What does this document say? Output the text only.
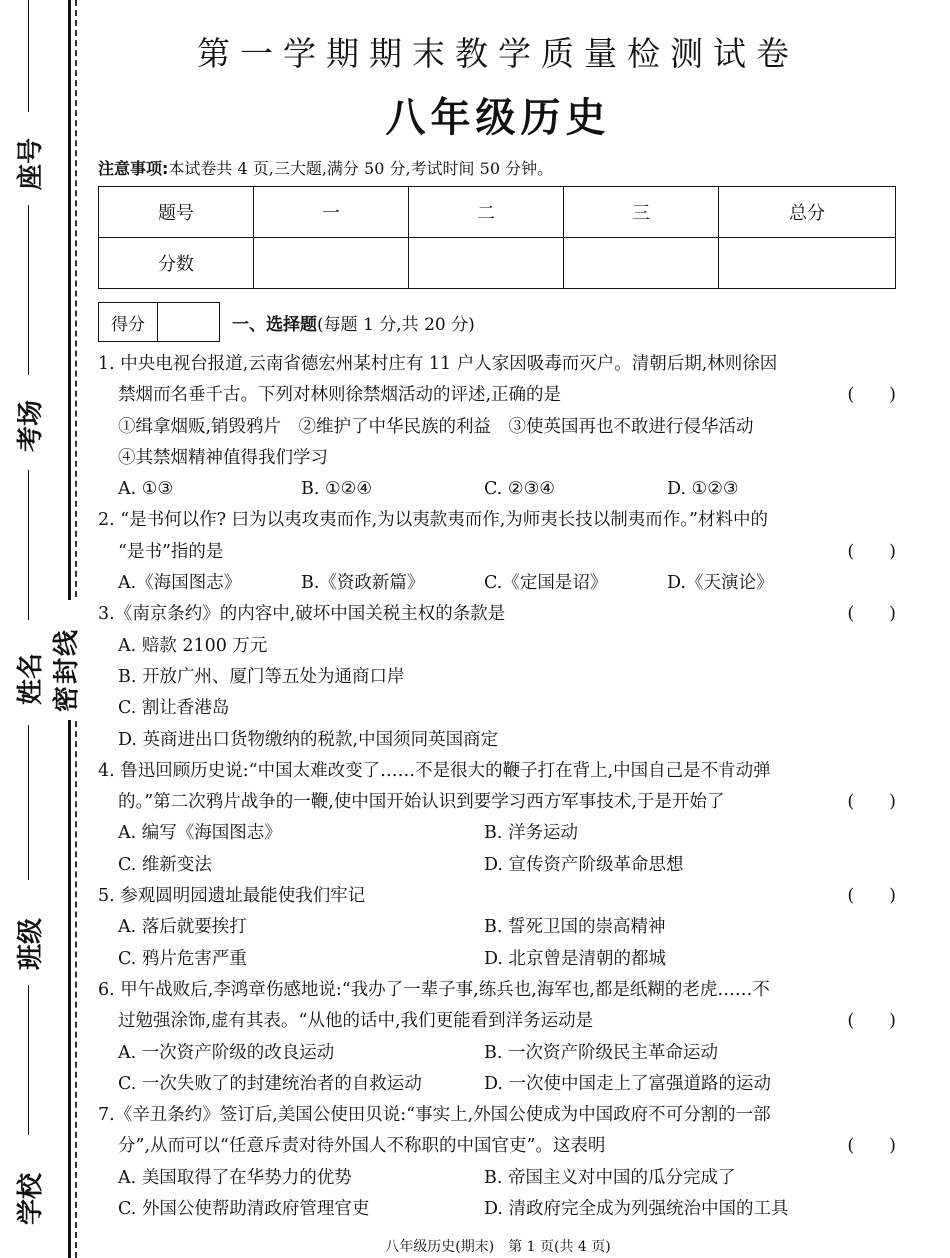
座号
考场
姓名
班级
学校
密封线
第一学期期末教学质量检测试卷
八年级历史
注意事项:本试卷共 4 页,三大题,满分 50 分,考试时间 50 分钟。
题号	一	二	三	总分
分数				
得分	一、选择题(每题 1 分,共 20 分)
1. 中央电视台报道,云南省德宏州某村庄有 11 户人家因吸毒而灭户。清朝后期,林则徐因
禁烟而名垂千古。下列对林则徐禁烟活动的评述,正确的是	(　　)
①缉拿烟贩,销毁鸦片　②维护了中华民族的利益　③使英国再也不敢进行侵华活动
④其禁烟精神值得我们学习
A. ①③	B. ①②④	C. ②③④	D. ①②③
2. “是书何以作? 曰为以夷攻夷而作,为以夷款夷而作,为师夷长技以制夷而作。”材料中的
“是书”指的是	(　　)
A.《海国图志》	B.《资政新篇》	C.《定国是诏》	D.《天演论》
3.《南京条约》的内容中,破坏中国关税主权的条款是	(　　)
A. 赔款 2100 万元
B. 开放广州、厦门等五处为通商口岸
C. 割让香港岛
D. 英商进出口货物缴纳的税款,中国须同英国商定
4. 鲁迅回顾历史说:“中国太难改变了……不是很大的鞭子打在背上,中国自己是不肯动弹
的。”第二次鸦片战争的一鞭,使中国开始认识到要学习西方军事技术,于是开始了	(　　)
A. 编写《海国图志》	B. 洋务运动
C. 维新变法	D. 宣传资产阶级革命思想
5. 参观圆明园遗址最能使我们牢记	(　　)
A. 落后就要挨打	B. 誓死卫国的崇高精神
C. 鸦片危害严重	D. 北京曾是清朝的都城
6. 甲午战败后,李鸿章伤感地说:“我办了一辈子事,练兵也,海军也,都是纸糊的老虎……不
过勉强涂饰,虚有其表。“从他的话中,我们更能看到洋务运动是	(　　)
A. 一次资产阶级的改良运动	B. 一次资产阶级民主革命运动
C. 一次失败了的封建统治者的自救运动	D. 一次使中国走上了富强道路的运动
7.《辛丑条约》签订后,美国公使田贝说:“事实上,外国公使成为中国政府不可分割的一部
分”,从而可以“任意斥责对待外国人不称职的中国官吏”。这表明	(　　)
A. 美国取得了在华势力的优势	B. 帝国主义对中国的瓜分完成了
C. 外国公使帮助清政府管理官吏	D. 清政府完全成为列强统治中国的工具
八年级历史(期末)　第 1 页(共 4 页)
